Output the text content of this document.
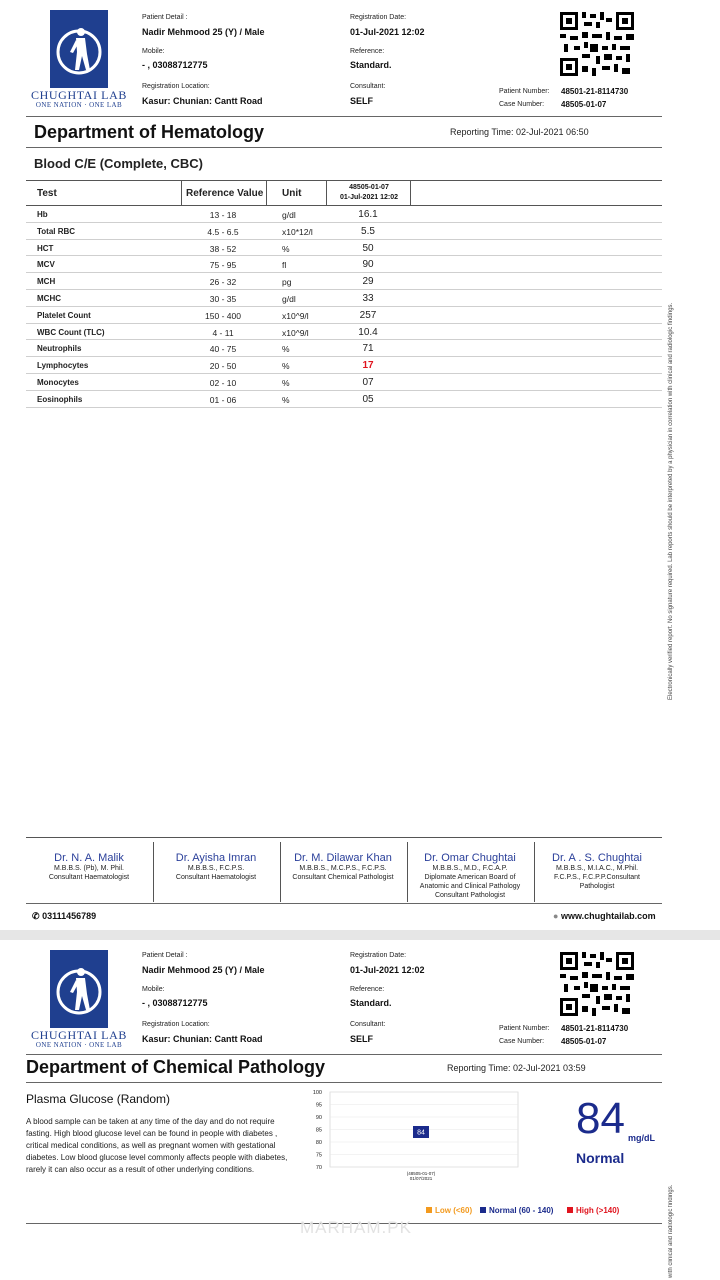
CHUGHTAI LAB
ONE NATION · ONE LAB
Patient Detail :
Nadir Mehmood 25 (Y) / Male
Mobile:
- , 03088712775
Registration Location:
Kasur: Chunian: Cantt Road
Registration Date:
01-Jul-2021 12:02
Reference:
Standard.
Consultant:
SELF
Patient Number: 48501-21-8114730
Case Number: 48505-01-07
Department of Hematology	Reporting Time: 02-Jul-2021 06:50
Blood C/E (Complete, CBC)
Test	Reference Value Unit
48505-01-07
01-Jul-2021 12:02
Hb	13 - 18	g/dl	16.1
Total RBC	4.5 - 6.5	x10*12/l	5.5
HCT	38 - 52	%	50
MCV	75 - 95	fl	90
MCH	26 - 32	pg	29
MCHC	30 - 35	g/dl	33
Platelet Count	150 - 400	x10^9/l	257
WBC Count (TLC)	4 - 11	x10^9/l	10.4
Neutrophils	40 - 75	%	71
Lymphocytes	20 - 50	%	17
Monocytes	02 - 10	%	07
Eosinophils	01 - 06	%	05	Electronically verified report. No signature required. Lab reports should be interpreted by a physician in correlation with clinical and radiologic findings.
Dr. N. A. Malik
M.B.B.S. (Pb), M. Phil.
Consultant Haematologist
Dr. Ayisha Imran
M.B.B.S., F.C.P.S.
Consultant Haematologist
Dr. M. Dilawar Khan
M.B.B.S., M.C.P.S., F.C.P.S.
Consultant Chemical Pathologist
Dr. Omar Chughtai
M.B.B.S., M.D., F.C.A.P.
Diplomate American Board of
Anatomic and Clinical Pathology
Consultant Pathologist
Dr. A . S. Chughtai
M.B.B.S., M.I.A.C., M.Phil.
F.C.P.S., F.C.P.P.Consultant
Pathologist
✆ 03111456789	● www.chughtailab.com
CHUGHTAI LAB
ONE NATION · ONE LAB
Patient Detail :
Nadir Mehmood 25 (Y) / Male
Mobile:
- , 03088712775
Registration Location:
Kasur: Chunian: Cantt Road
Registration Date:
01-Jul-2021 12:02
Reference:
Standard.
Consultant:
SELF
Patient Number: 48501-21-8114730
Case Number: 48505-01-07
Department of Chemical Pathology	Reporting Time: 02-Jul-2021 03:59
Plasma Glucose (Random)
A blood sample can be taken at any time of the day and do not require fasting. High blood glucose level can be found in people with diabetes , critical medical conditions, as well as pregnant women with gestational diabetes. Low blood glucose level commonly affects people with diabetes, rarely it can also occur as a result of other underlying conditions.	70
75
80
85
90
95
100
84
(48505-01-07)
01/07/2021
84 mg/dL
Normal
Low (<60)	Normal (60 - 140)	High (>140)
MARHAM.PK	with clinical and radiologic findings.
